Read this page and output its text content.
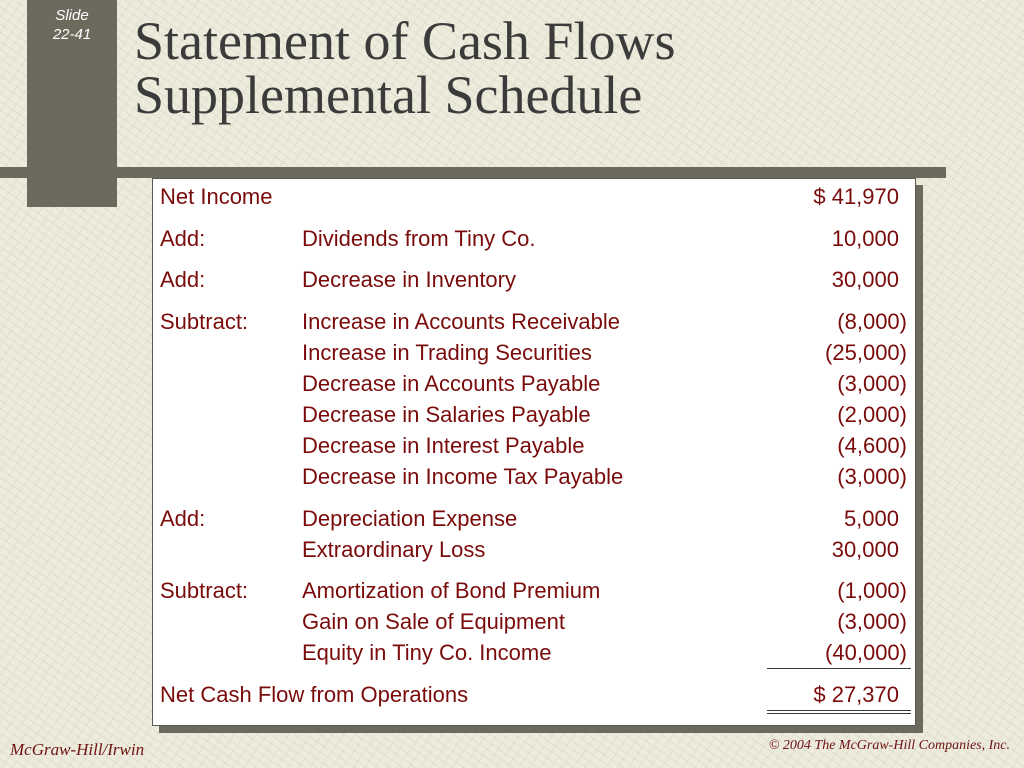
Slide
22-41 Statement of Cash Flows
Supplemental Schedule
Net Income	$ 41,970
Add:	Dividends from Tiny Co.	10,000
Add:	Decrease in Inventory	30,000
Subtract: Increase in Accounts Receivable	(8,000)
Increase in Trading Securities	(25,000)
Decrease in Accounts Payable	(3,000)
Decrease in Salaries Payable	(2,000)
Decrease in Interest Payable	(4,600)
Decrease in Income Tax Payable	(3,000)
Add:	Depreciation Expense	5,000
Extraordinary Loss	30,000
Subtract: Amortization of Bond Premium	(1,000)
Gain on Sale of Equipment	(3,000)
Equity in Tiny Co. Income	(40,000)
Net Cash Flow from Operations	$ 27,370
McGraw-Hill/Irwin	© 2004 The McGraw-Hill Companies, Inc.
